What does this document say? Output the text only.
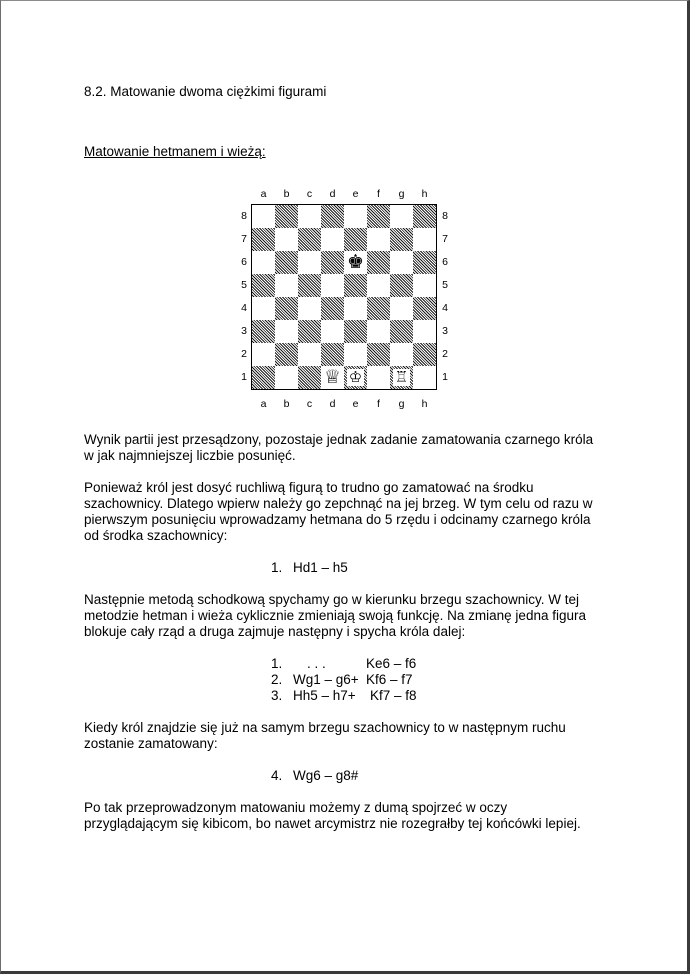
8.2. Matowanie dwoma ciężkimi figurami
Matowanie hetmanem i wieżą:
a	b	c	d	e	f	g	h
a	b	c	d	e	f	g	h
8
7
6
5
4
3
2
1
8
7
6
5
4
3
2
1
♚
♕ ♔ ♖
Wynik partii jest przesądzony, pozostaje jednak zadanie zamatowania czarnego króla
w jak najmniejszej liczbie posunięć.
Ponieważ król jest dosyć ruchliwą figurą to trudno go zamatować na środku
szachownicy. Dlatego wpierw należy go zepchnąć na jej brzeg. W tym celu od razu w
pierwszym posunięciu wprowadzamy hetmana do 5 rzędu i odcinamy czarnego króla
od środka szachownicy:
1. Hd1 – h5
Następnie metodą schodkową spychamy go w kierunku brzegu szachownicy. W tej
metodzie hetman i wieża cyklicznie zmieniają swoją funkcję. Na zmianę jedna figura
blokuje cały rząd a druga zajmuje następny i spycha króla dalej:
1. . . .	Ke6 – f6
2. Wg1 – g6+ Kf6 – f7
3. Hh5 – h7+ Kf7 – f8
Kiedy król znajdzie się już na samym brzegu szachownicy to w następnym ruchu
zostanie zamatowany:
4. Wg6 – g8#
Po tak przeprowadzonym matowaniu możemy z dumą spojrzeć w oczy
przyglądającym się kibicom, bo nawet arcymistrz nie rozegrałby tej końcówki lepiej.
